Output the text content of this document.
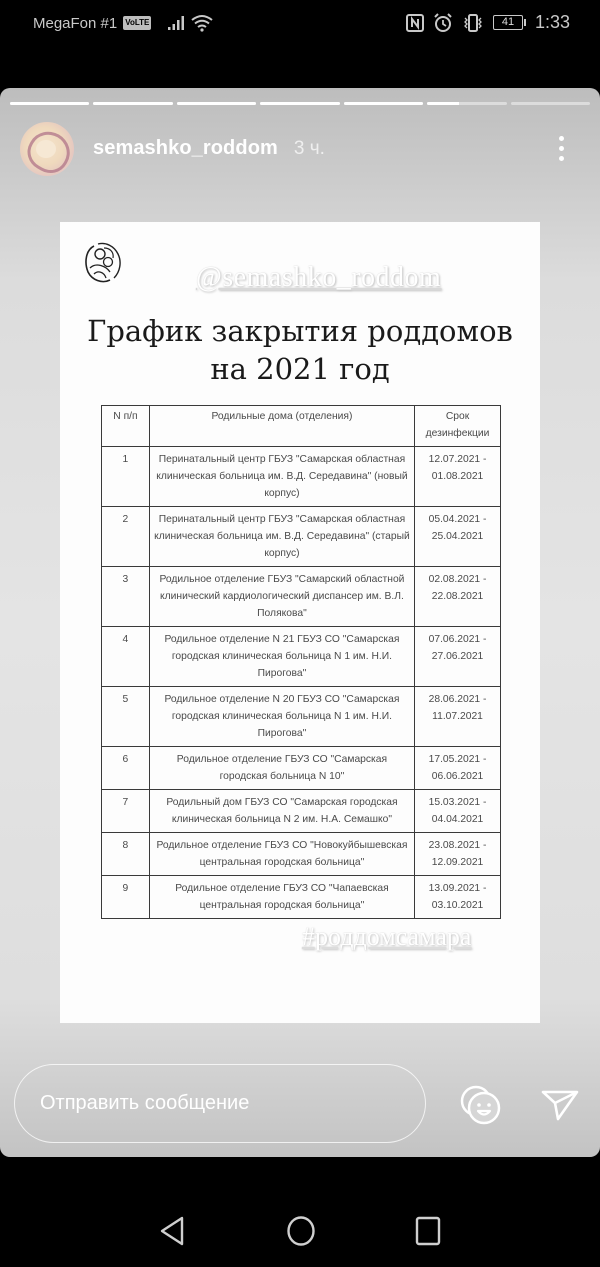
MegaFon #1 VoLTE	41	1:33
semashko_roddom 3 ч.
@semashko_roddom
График закрытия роддомов
на 2021 год
N п/п	Родильные дома (отделения)	Срок дезинфекции
1	Перинатальный центр ГБУЗ "Самарская областная клиническая больница им. В.Д. Середавина" (новый корпус)	12.07.2021 - 01.08.2021
2	Перинатальный центр ГБУЗ "Самарская областная клиническая больница им. В.Д. Середавина" (старый корпус)	05.04.2021 - 25.04.2021
3	Родильное отделение ГБУЗ "Самарский областной клинический кардиологический диспансер им. В.Л. Полякова"	02.08.2021 - 22.08.2021
4	Родильное отделение N 21 ГБУЗ СО "Самарская городская клиническая больница N 1 им. Н.И. Пирогова"	07.06.2021 - 27.06.2021
5	Родильное отделение N 20 ГБУЗ СО "Самарская городская клиническая больница N 1 им. Н.И. Пирогова"	28.06.2021 - 11.07.2021
6	Родильное отделение ГБУЗ СО "Самарская городская больница N 10"	17.05.2021 - 06.06.2021
7	Родильный дом ГБУЗ СО "Самарская городская клиническая больница N 2 им. Н.А. Семашко"	15.03.2021 - 04.04.2021
8	Родильное отделение ГБУЗ СО "Новокуйбышевская центральная городская больница"	23.08.2021 - 12.09.2021
9	Родильное отделение ГБУЗ СО "Чапаевская центральная городская больница"	13.09.2021 - 03.10.2021
#роддомсамара
Отправить сообщение
